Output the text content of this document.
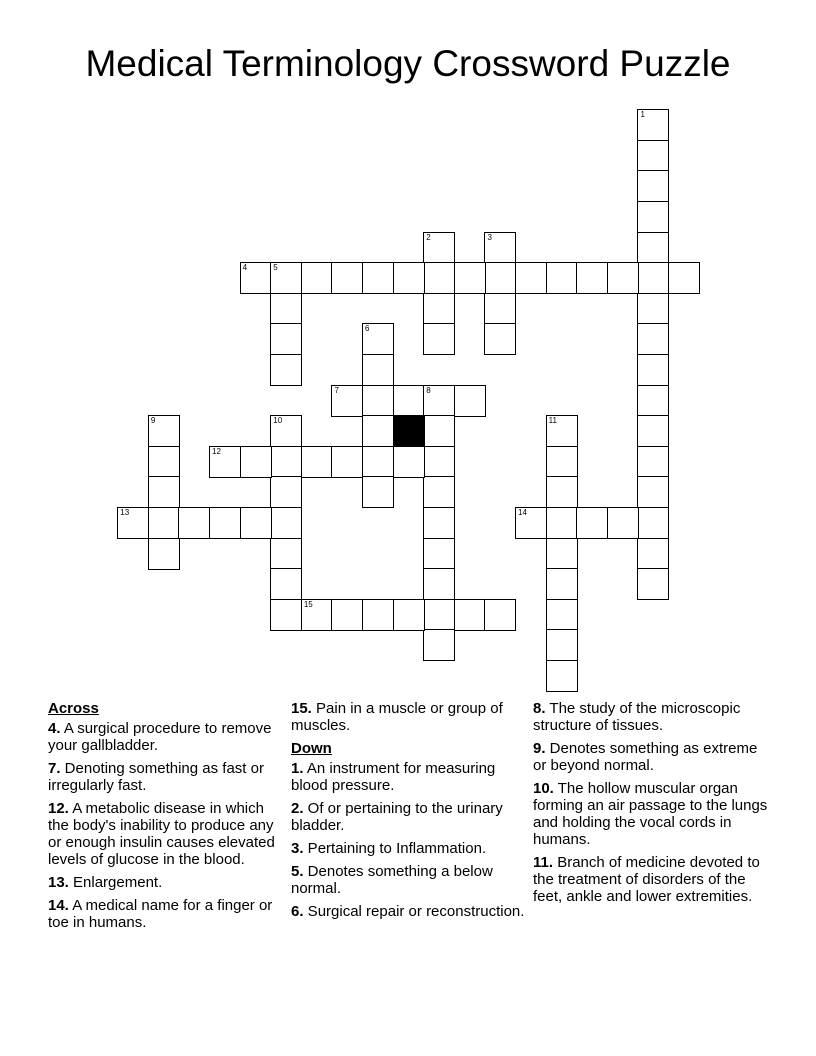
Medical Terminology Crossword Puzzle
1
2	3
4	5
6
7	8
9	10	11
12
13	14
15
Across
4. A surgical procedure to remove your gallbladder.
7. Denoting something as fast or irregularly fast.
12. A metabolic disease in which the body's inability to produce any or enough insulin causes elevated levels of glucose in the blood.
13. Enlargement.
14. A medical name for a finger or toe in humans.
15. Pain in a muscle or group of muscles.
Down
1. An instrument for measuring blood pressure.
2. Of or pertaining to the urinary bladder.
3. Pertaining to Inflammation.
5. Denotes something a below normal.
6. Surgical repair or reconstruction.
8. The study of the microscopic structure of tissues.
9. Denotes something as extreme or beyond normal.
10. The hollow muscular organ forming an air passage to the lungs and holding the vocal cords in humans.
11. Branch of medicine devoted to the treatment of disorders of the feet, ankle and lower extremities.
